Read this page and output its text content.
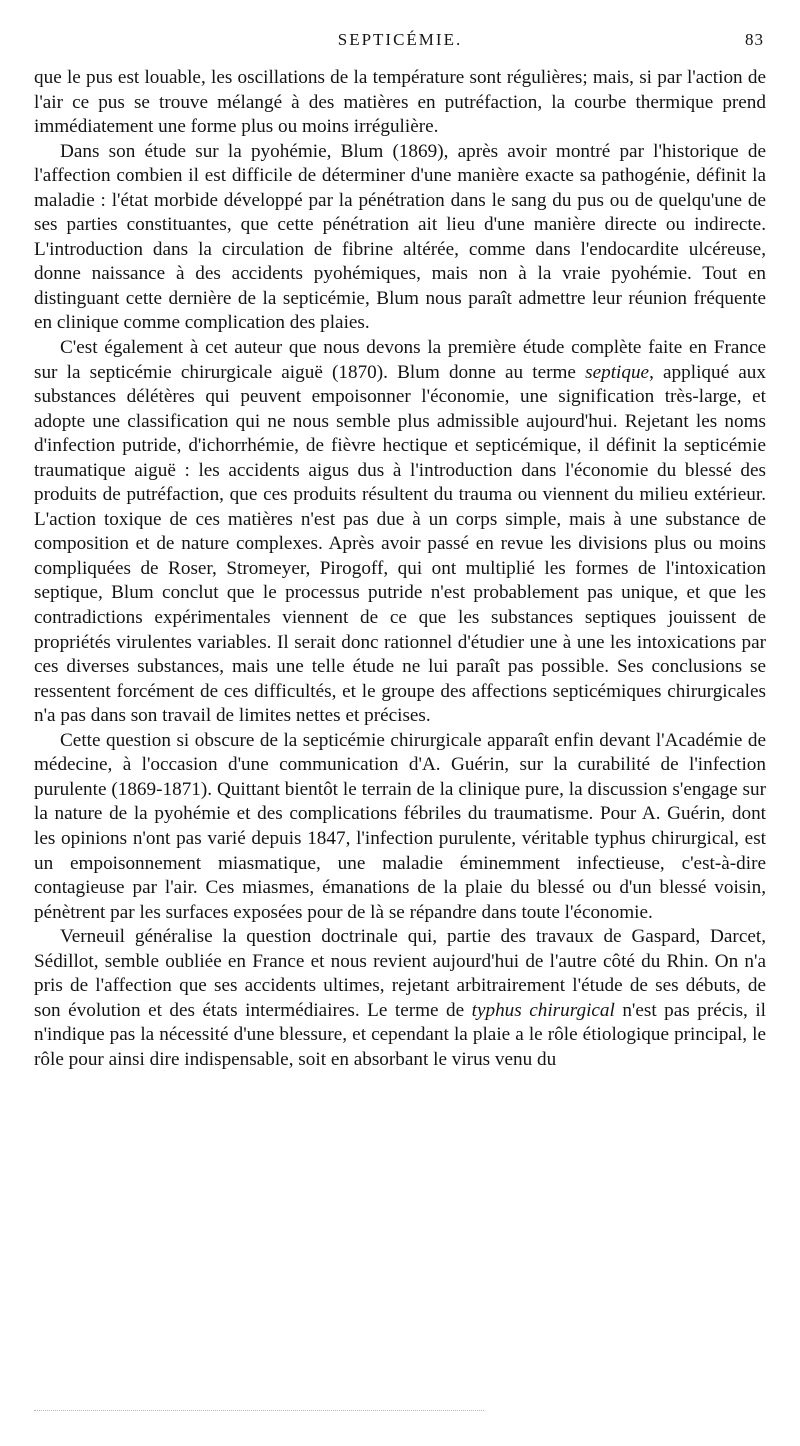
SEPTICÉMIE.	83

que le pus est louable, les oscillations de la température sont régulières; mais, si par l'action de l'air ce pus se trouve mélangé à des matières en putréfaction, la courbe thermique prend immédiatement une forme plus ou moins irrégulière.

Dans son étude sur la pyohémie, Blum (1869), après avoir montré par l'historique de l'affection combien il est difficile de déterminer d'une manière exacte sa pathogénie, définit la maladie : l'état morbide développé par la pénétration dans le sang du pus ou de quelqu'une de ses parties constituantes, que cette pénétration ait lieu d'une manière directe ou indirecte. L'introduction dans la circulation de fibrine altérée, comme dans l'endocardite ulcéreuse, donne naissance à des accidents pyohémiques, mais non à la vraie pyohémie. Tout en distinguant cette dernière de la septicémie, Blum nous paraît admettre leur réunion fréquente en clinique comme complication des plaies.

C'est également à cet auteur que nous devons la première étude complète faite en France sur la septicémie chirurgicale aiguë (1870). Blum donne au terme septique, appliqué aux substances délétères qui peuvent empoisonner l'économie, une signification très-large, et adopte une classification qui ne nous semble plus admissible aujourd'hui. Rejetant les noms d'infection putride, d'ichorrhémie, de fièvre hectique et septicémique, il définit la septicémie traumatique aiguë : les accidents aigus dus à l'introduction dans l'économie du blessé des produits de putréfaction, que ces produits résultent du trauma ou viennent du milieu extérieur. L'action toxique de ces matières n'est pas due à un corps simple, mais à une substance de composition et de nature complexes. Après avoir passé en revue les divisions plus ou moins compliquées de Roser, Stromeyer, Pirogoff, qui ont multiplié les formes de l'intoxication septique, Blum conclut que le processus putride n'est probablement pas unique, et que les contradictions expérimentales viennent de ce que les substances septiques jouissent de propriétés virulentes variables. Il serait donc rationnel d'étudier une à une les intoxications par ces diverses substances, mais une telle étude ne lui paraît pas possible. Ses conclusions se ressentent forcément de ces difficultés, et le groupe des affections septicémiques chirurgicales n'a pas dans son travail de limites nettes et précises.

Cette question si obscure de la septicémie chirurgicale apparaît enfin devant l'Académie de médecine, à l'occasion d'une communication d'A. Guérin, sur la curabilité de l'infection purulente (1869-1871). Quittant bientôt le terrain de la clinique pure, la discussion s'engage sur la nature de la pyohémie et des complications fébriles du traumatisme. Pour A. Guérin, dont les opinions n'ont pas varié depuis 1847, l'infection purulente, véritable typhus chirurgical, est un empoisonnement miasmatique, une maladie éminemment infectieuse, c'est-à-dire contagieuse par l'air. Ces miasmes, émanations de la plaie du blessé ou d'un blessé voisin, pénètrent par les surfaces exposées pour de là se répandre dans toute l'économie.

Verneuil généralise la question doctrinale qui, partie des travaux de Gaspard, Darcet, Sédillot, semble oubliée en France et nous revient aujourd'hui de l'autre côté du Rhin. On n'a pris de l'affection que ses accidents ultimes, rejetant arbitrairement l'étude de ses débuts, de son évolution et des états intermédiaires. Le terme de typhus chirurgical n'est pas précis, il n'indique pas la nécessité d'une blessure, et cependant la plaie a le rôle étiologique principal, le rôle pour ainsi dire indispensable, soit en absorbant le virus venu du
